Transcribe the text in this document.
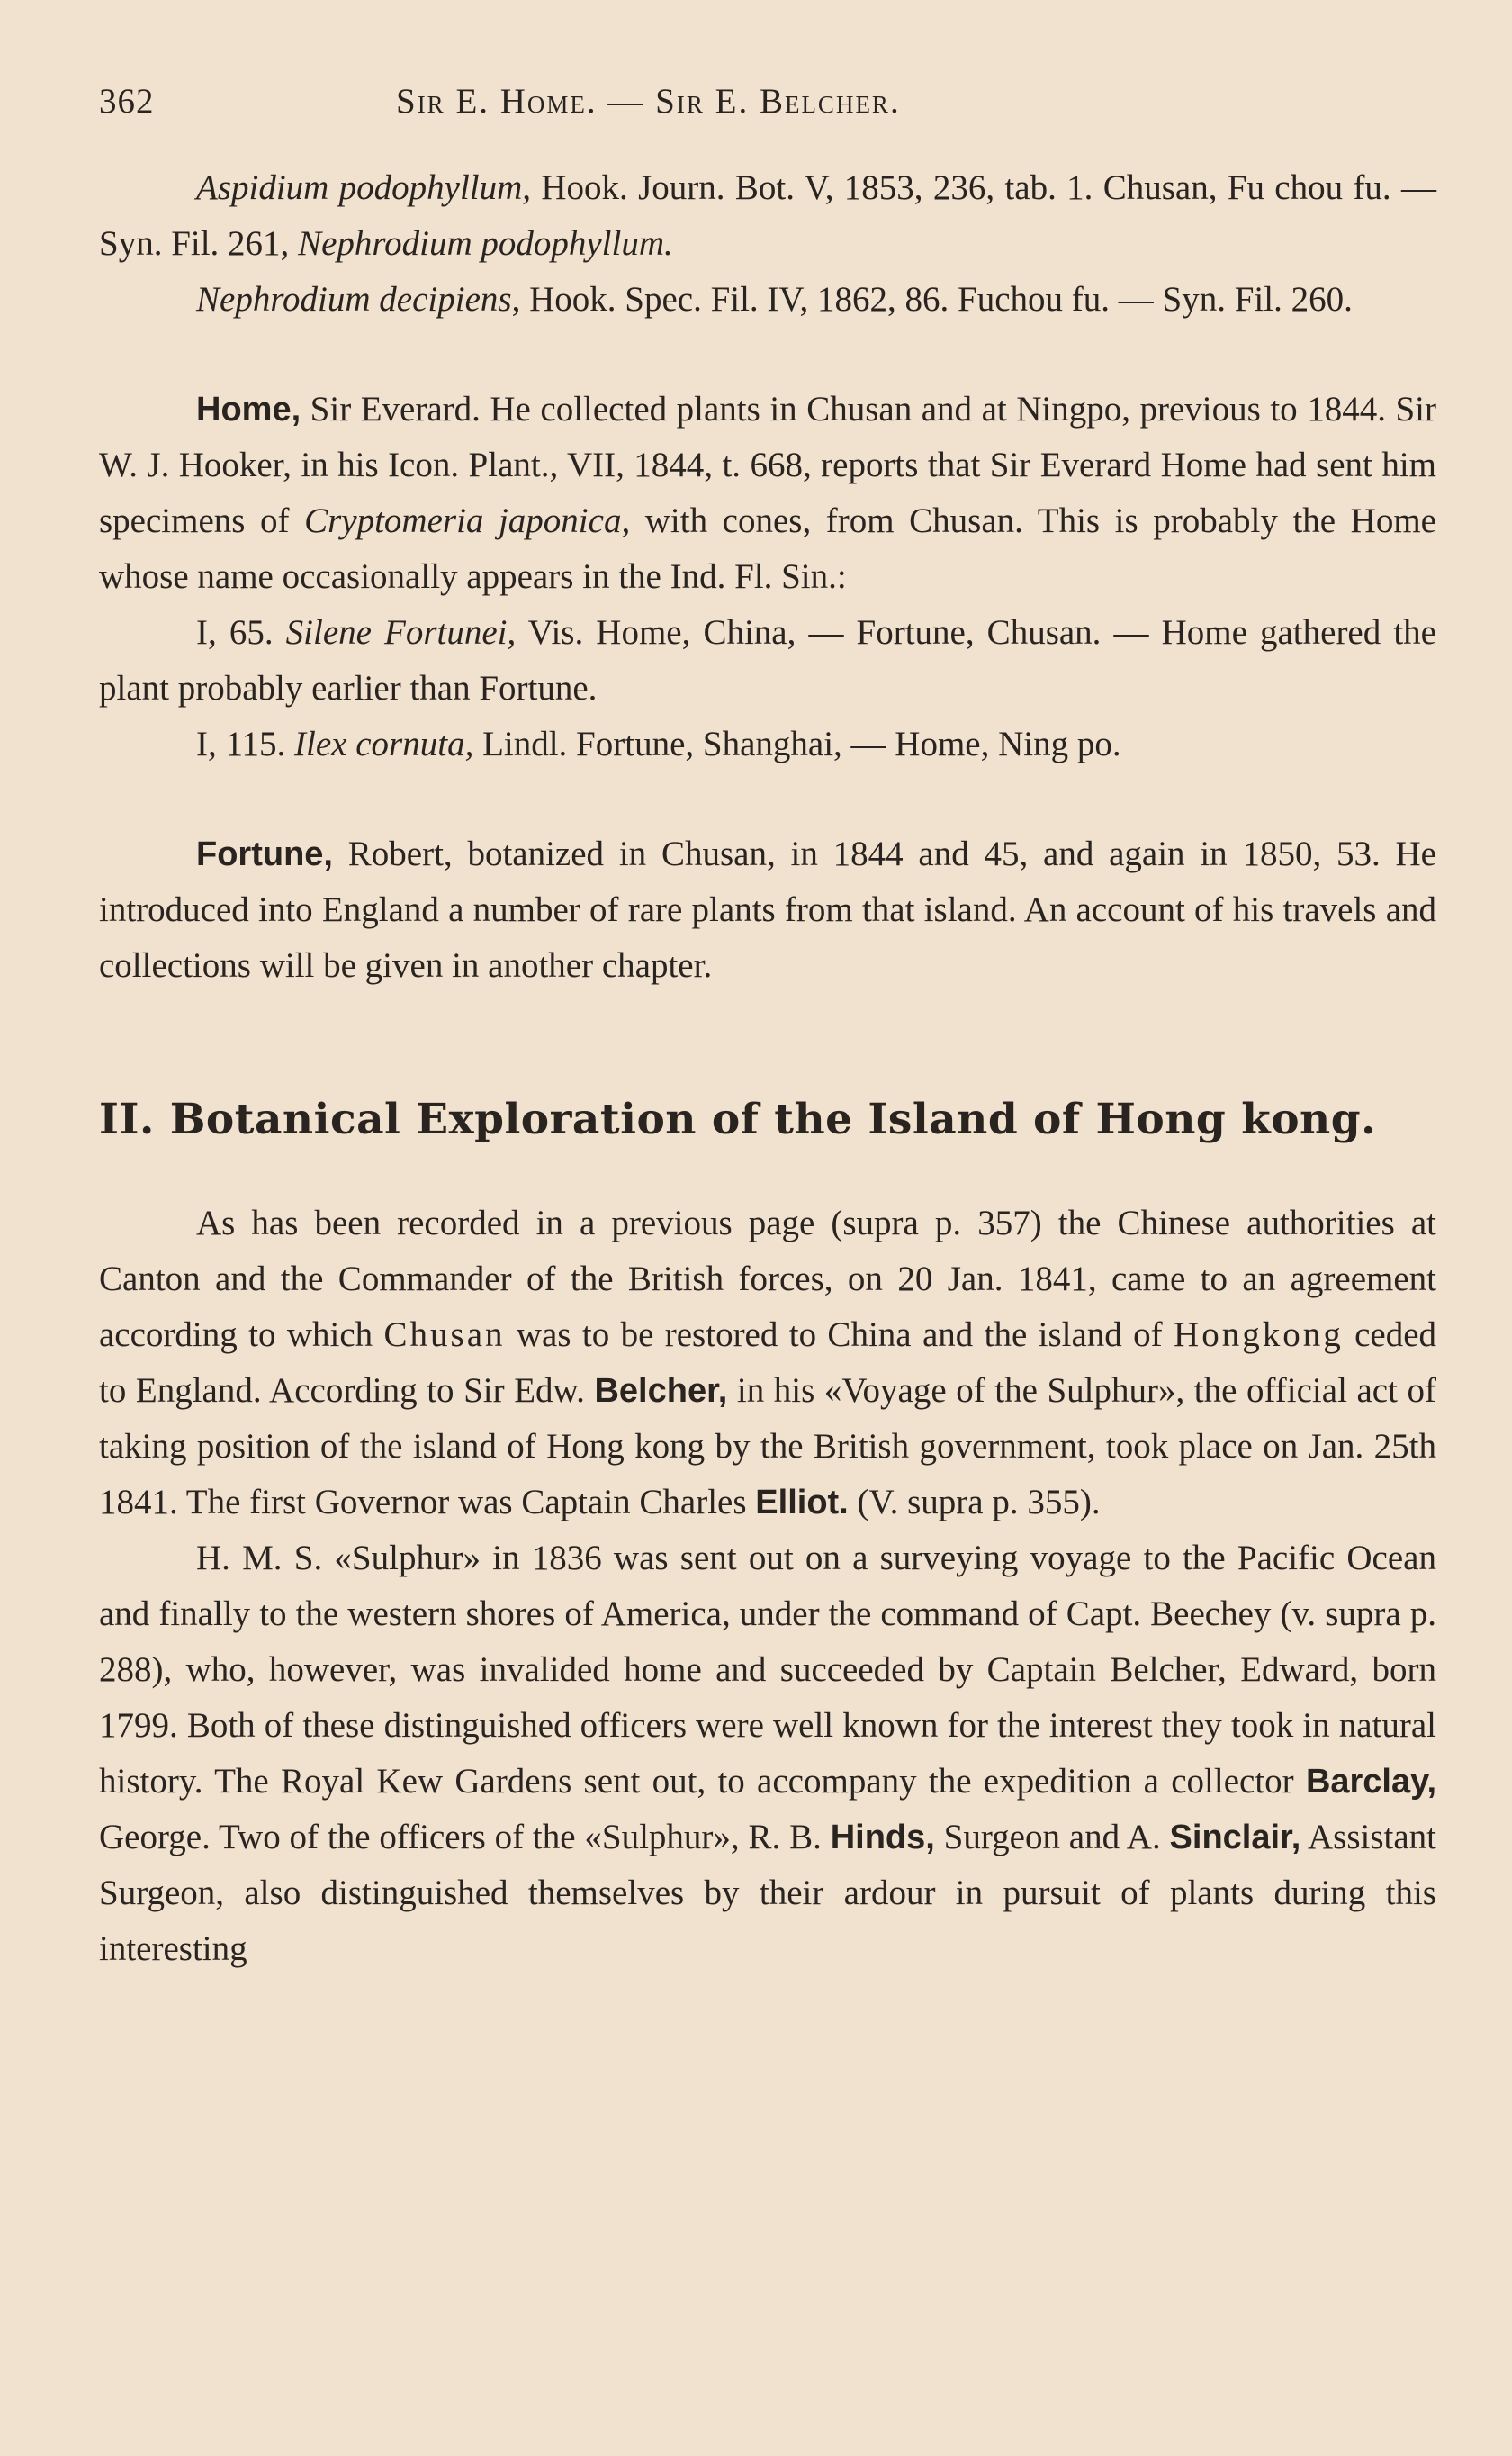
362	Sir E. Home. — Sir E. Belcher.

Aspidium podophyllum, Hook. Journ. Bot. V, 1853, 236, tab. 1. Chusan, Fu chou fu. — Syn. Fil. 261, Nephrodium podophyllum.

Nephrodium decipiens, Hook. Spec. Fil. IV, 1862, 86. Fuchou fu. — Syn. Fil. 260.

Home, Sir Everard. He collected plants in Chusan and at Ningpo, previous to 1844. Sir W. J. Hooker, in his Icon. Plant., VII, 1844, t. 668, reports that Sir Everard Home had sent him specimens of Cryptomeria japonica, with cones, from Chusan. This is probably the Home whose name occasionally appears in the Ind. Fl. Sin.:

I, 65. Silene Fortunei, Vis. Home, China, — Fortune, Chusan. — Home gathered the plant probably earlier than Fortune.

I, 115. Ilex cornuta, Lindl. Fortune, Shanghai, — Home, Ning po.

Fortune, Robert, botanized in Chusan, in 1844 and 45, and again in 1850, 53. He introduced into England a number of rare plants from that island. An account of his travels and collections will be given in another chapter.

II. Botanical Exploration of the Island of Hong kong.

As has been recorded in a previous page (supra p. 357) the Chinese authorities at Canton and the Commander of the British forces, on 20 Jan. 1841, came to an agreement according to which Chusan was to be restored to China and the island of Hongkong ceded to England. According to Sir Edw. Belcher, in his «Voyage of the Sulphur», the official act of taking position of the island of Hong kong by the British government, took place on Jan. 25th 1841. The first Governor was Captain Charles Elliot. (V. supra p. 355).

H. M. S. «Sulphur» in 1836 was sent out on a surveying voyage to the Pacific Ocean and finally to the western shores of America, under the command of Capt. Beechey (v. supra p. 288), who, however, was invalided home and succeeded by Captain Belcher, Edward, born 1799. Both of these distinguished officers were well known for the interest they took in natural history. The Royal Kew Gardens sent out, to accompany the expedition a collector Barclay, George. Two of the officers of the «Sulphur», R. B. Hinds, Surgeon and A. Sinclair, Assistant Surgeon, also distinguished themselves by their ardour in pursuit of plants during this interesting
